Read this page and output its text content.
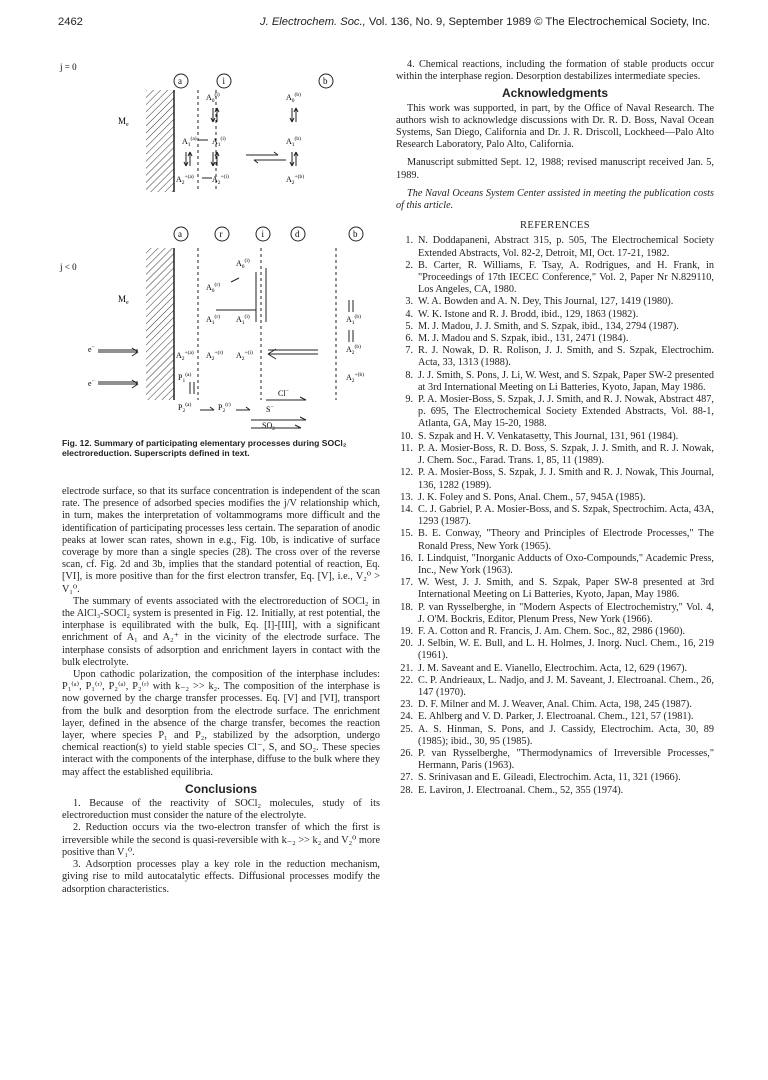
2462	J. Electrochem. Soc., Vol. 136, No. 9, September 1989 © The Electrochemical Society, Inc.
j = 0
a	i	b
$M_e$
$A_0^{(i)}$	$A_0^{(b)}$
$A_1^{(a)}$ $A_1^{(i)}$	$A_1^{(b)}$
$A_2^{+(a)}$ $A_2^{+(i)}$	$A_2^{+(b)}$
a	r	i	d	b
j < 0
$M_e$
$A_0^{(i)}$
$A_0^{(r)}$
$A_1^{(r)}$ $A_1^{(i)}$	$A_1^{(b)}$
$A_2^{+(a)}$ $A_2^{+(r)}$ $A_2^{+(i)}$	$A_2^{(b)}$
$A_2^{+(b)}$
$P_1^{(a)}$
$P_2^{(a)}$	$P_2^{(r)}$
Cl−
S−
$SO_2$
e−
e−
Fig. 12. Summary of participating elementary processes during SOCl₂ electroreduction. Superscripts defined in text.

electrode surface, so that its surface concentration is independent of the scan rate. The presence of adsorbed species modifies the j/V relationship which, in turn, makes the interpretation of voltammograms more difficult and the identification of participating processes less certain. The separation of anodic peaks at lower scan rates, shown in e.g., Fig. 10b, is indicative of surface coverage by more than a single species (28). The cross over of the reverse scan, cf. Fig. 2d and 3b, implies that the standard potential of reaction, Eq. [VI], is more positive than for the first electron transfer, Eq. [V], i.e., V₂⁰ > V₁⁰.

The summary of events associated with the electroreduction of SOCl₂ in the AlCl₃-SOCl₂ system is presented in Fig. 12. Initially, at rest potential, the interphase is equilibrated with the bulk, Eq. [I]-[III], with a significant enrichment of A₁ and A₂⁺ in the vicinity of the electrode surface. The interphase consists of adsorption and enrichment layers in contact with the bulk electrolyte.

Upon cathodic polarization, the composition of the interphase includes: P₁⁽ᵃ⁾, P₁⁽ʳ⁾, P₂⁽ᵃ⁾, P₂⁽ʳ⁾ with k₋₂ >> k₂. The composition of the interphase is now governed by the charge transfer processes. Eq. [V] and [VI], transport from the bulk and desorption from the electrode surface. The enrichment layer, defined in the absence of the charge transfer, becomes the reaction layer, where species P₁ and P₂, stabilized by the adsorption, undergo chemical reaction(s) to yield stable species Cl⁻, S, and SO₂. These species interact with the components of the interphase, diffuse to the bulk where they may affect the established equilibria.

Conclusions

1. Because of the reactivity of SOCl₂ molecules, study of its electroreduction must consider the nature of the electrolyte.

2. Reduction occurs via the two-electron transfer of which the first is irreversible while the second is quasi-reversible with k₋₂ >> k₂ and V₂⁰ more positive than V₁⁰.

3. Adsorption processes play a key role in the reduction mechanism, giving rise to mild autocatalytic effects. Diffusional processes modify the adsorption characteristics.

4. Chemical reactions, including the formation of stable products occur within the interphase region. Desorption destabilizes intermediate species.

Acknowledgments

This work was supported, in part, by the Office of Naval Research. The authors wish to acknowledge discussions with Dr. R. D. Boss, Naval Ocean Systems, San Diego, California and Dr. J. R. Driscoll, Lockheed—Palo Alto Research Laboratory, Palo Alto, California.

Manuscript submitted Sept. 12, 1988; revised manuscript received Jan. 5, 1989.

The Naval Oceans System Center assisted in meeting the publication costs of this article.

REFERENCES
1. N. Doddapaneni, Abstract 315, p. 505, The Electrochemical Society Extended Abstracts, Vol. 82-2, Detroit, MI, Oct. 17-21, 1982.
2. B. Carter, R. Williams, F. Tsay, A. Rodrigues, and H. Frank, in "Proceedings of 17th IECEC Conference," Vol. 2, Paper Nr N.829110, Los Angeles, CA, 1980.
3. W. A. Bowden and A. N. Dey, This Journal, 127, 1419 (1980).
4. W. K. Istone and R. J. Brodd, ibid., 129, 1863 (1982).
5. M. J. Madou, J. J. Smith, and S. Szpak, ibid., 134, 2794 (1987).
6. M. J. Madou and S. Szpak, ibid., 131, 2471 (1984).
7. R. J. Nowak, D. R. Rolison, J. J. Smith, and S. Szpak, Electrochim. Acta, 33, 1313 (1988).
8. J. J. Smith, S. Pons, J. Li, W. West, and S. Szpak, Paper SW-2 presented at 3rd International Meeting on Li Batteries, Kyoto, Japan, May 1986.
9. P. A. Mosier-Boss, S. Szpak, J. J. Smith, and R. J. Nowak, Abstract 487, p. 695, The Electrochemical Society Extended Abstracts, Vol. 88-1, Atlanta, GA, May 15-20, 1988.
10. S. Szpak and H. V. Venkatasetty, This Journal, 131, 961 (1984).
11. P. A. Mosier-Boss, R. D. Boss, S. Szpak, J. J. Smith, and R. J. Nowak, J. Chem. Soc., Farad. Trans. 1, 85, 11 (1989).
12. P. A. Mosier-Boss, S. Szpak, J. J. Smith and R. J. Nowak, This Journal, 136, 1282 (1989).
13. J. K. Foley and S. Pons, Anal. Chem., 57, 945A (1985).
14. C. J. Gabriel, P. A. Mosier-Boss, and S. Szpak, Spectrochim. Acta, 43A, 1293 (1987).
15. B. E. Conway, "Theory and Principles of Electrode Processes," The Ronald Press, New York (1965).
16. I. Lindquist, "Inorganic Adducts of Oxo-Compounds," Academic Press, Inc., New York (1963).
17. W. West, J. J. Smith, and S. Szpak, Paper SW-8 presented at 3rd International Meeting on Li Batteries, Kyoto, Japan, May 1986.
18. P. van Rysselberghe, in "Modern Aspects of Electrochemistry," Vol. 4, J. O'M. Bockris, Editor, Plenum Press, New York (1966).
19. F. A. Cotton and R. Francis, J. Am. Chem. Soc., 82, 2986 (1960).
20. J. Selbin, W. E. Bull, and L. H. Holmes, J. Inorg. Nucl. Chem., 16, 219 (1961).
21. J. M. Saveant and E. Vianello, Electrochim. Acta, 12, 629 (1967).
22. C. P. Andrieaux, L. Nadjo, and J. M. Saveant, J. Electroanal. Chem., 26, 147 (1970).
23. D. F. Milner and M. J. Weaver, Anal. Chim. Acta, 198, 245 (1987).
24. E. Ahlberg and V. D. Parker, J. Electroanal. Chem., 121, 57 (1981).
25. A. S. Hinman, S. Pons, and J. Cassidy, Electrochim. Acta, 30, 89 (1985); ibid., 30, 95 (1985).
26. P. van Rysselberghe, "Thermodynamics of Irreversible Processes," Hermann, Paris (1963).
27. S. Srinivasan and E. Gileadi, Electrochim. Acta, 11, 321 (1966).
28. E. Laviron, J. Electroanal. Chem., 52, 355 (1974).
